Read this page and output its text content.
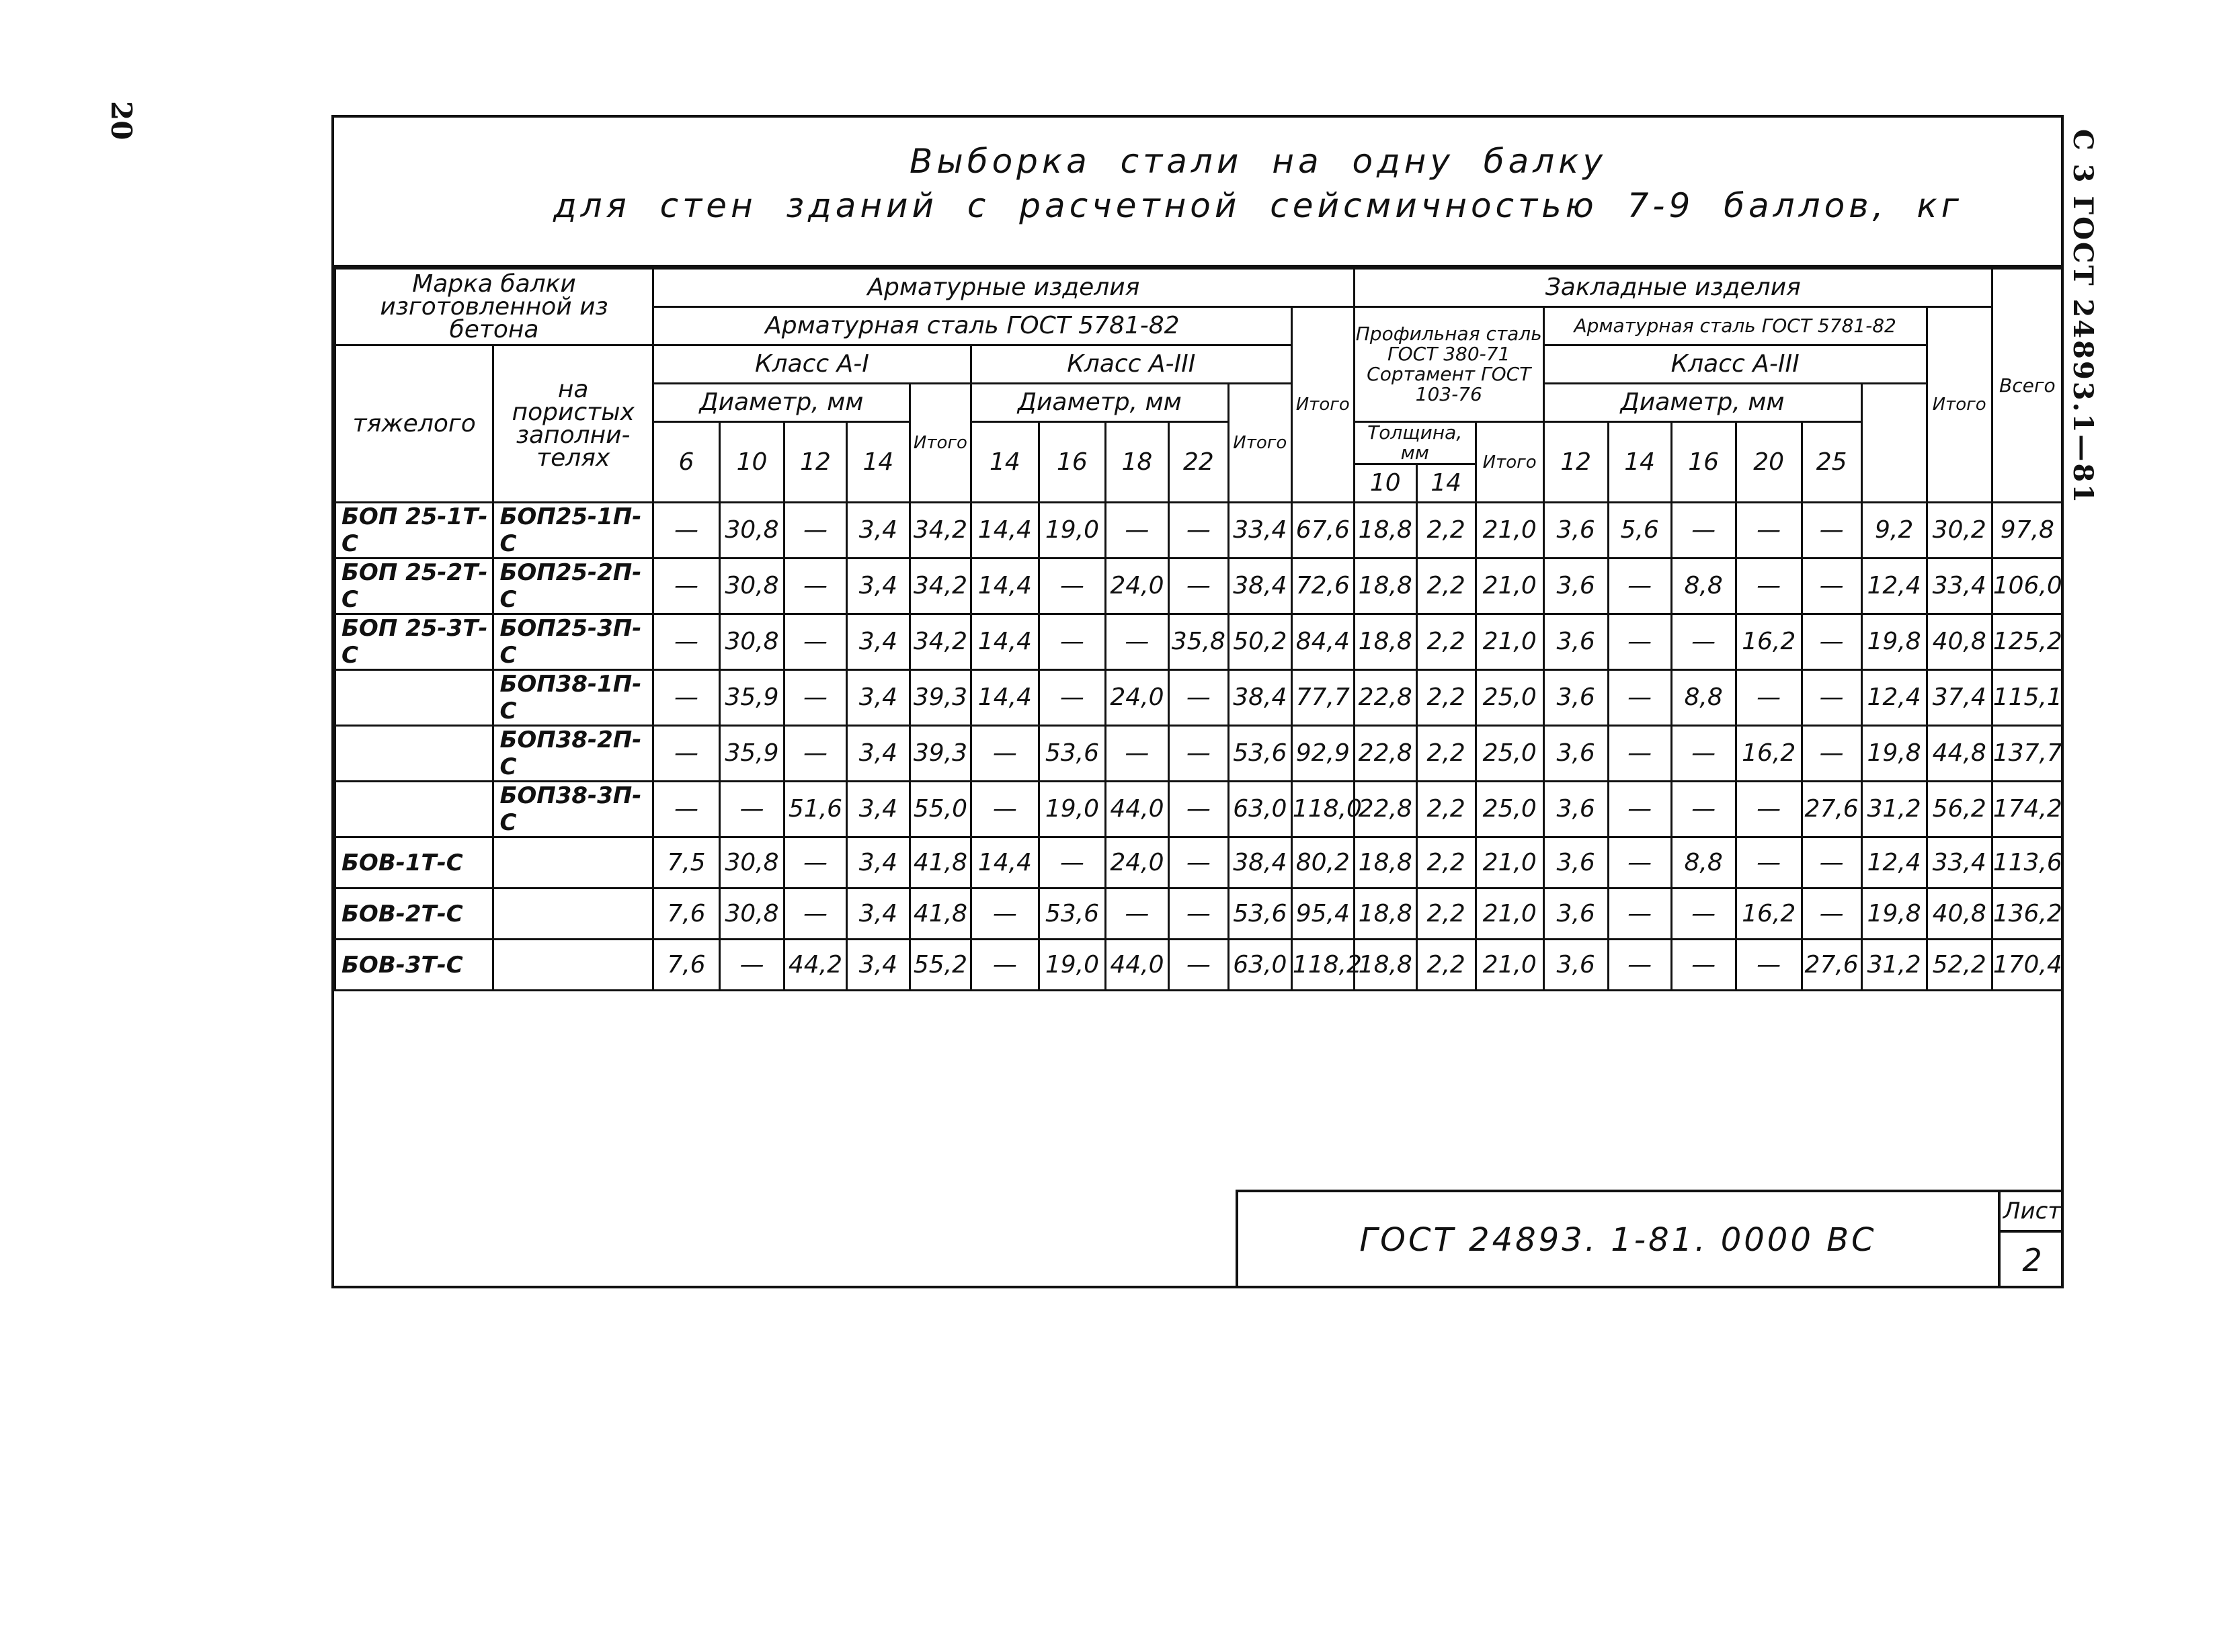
20
С 3 ГОСТ 24893.1—81
Выборка стали на одну балку
для стен зданий с расчетной сейсмичностью 7-9 баллов, кг
Марка балки изготовленной из бетона		Арматурные изделия											Закладные изделия										Всего
		Арматурная сталь ГОСТ 5781-82										Итого	Профильная сталь ГОСТ 380-71 Сортамент ГОСТ 103-76			Арматурная сталь ГОСТ 5781-82						Итого	
тяжелого	на пористых заполни-телях	Класс А-I					Класс А-III									Класс А-III							
		Диаметр, мм				Итого	Диаметр, мм				Итого					Диаметр, мм							
		6	10	12	14		14	16	18	22			Толщина, мм		Итого	12	14	16	20	25			
													10	14									
БОП 25-1Т-С	БОП25-1П-С	—	30,8	—	3,4	34,2	14,4	19,0	—	—	33,4	67,6	18,8	2,2	21,0	3,6	5,6	—	—	—	9,2	30,2	97,8
БОП 25-2Т-С	БОП25-2П-С	—	30,8	—	3,4	34,2	14,4	—	24,0	—	38,4	72,6	18,8	2,2	21,0	3,6	—	8,8	—	—	12,4	33,4	106,0
БОП 25-3Т-С	БОП25-3П-С	—	30,8	—	3,4	34,2	14,4	—	—	35,8	50,2	84,4	18,8	2,2	21,0	3,6	—	—	16,2	—	19,8	40,8	125,2
	БОП38-1П-С	—	35,9	—	3,4	39,3	14,4	—	24,0	—	38,4	77,7	22,8	2,2	25,0	3,6	—	8,8	—	—	12,4	37,4	115,1
	БОП38-2П-С	—	35,9	—	3,4	39,3	—	53,6	—	—	53,6	92,9	22,8	2,2	25,0	3,6	—	—	16,2	—	19,8	44,8	137,7
	БОП38-3П-С	—	—	51,6	3,4	55,0	—	19,0	44,0	—	63,0	118,0	22,8	2,2	25,0	3,6	—	—	—	27,6	31,2	56,2	174,2
БОВ-1Т-С		7,5	30,8	—	3,4	41,8	14,4	—	24,0	—	38,4	80,2	18,8	2,2	21,0	3,6	—	8,8	—	—	12,4	33,4	113,6
БОВ-2Т-С		7,6	30,8	—	3,4	41,8	—	53,6	—	—	53,6	95,4	18,8	2,2	21,0	3,6	—	—	16,2	—	19,8	40,8	136,2
БОВ-3Т-С		7,6	—	44,2	3,4	55,2	—	19,0	44,0	—	63,0	118,2	18,8	2,2	21,0	3,6	—	—	—	27,6	31,2	52,2	170,4
ГОСТ 24893. 1-81. 0000 ВС
Лист
2
